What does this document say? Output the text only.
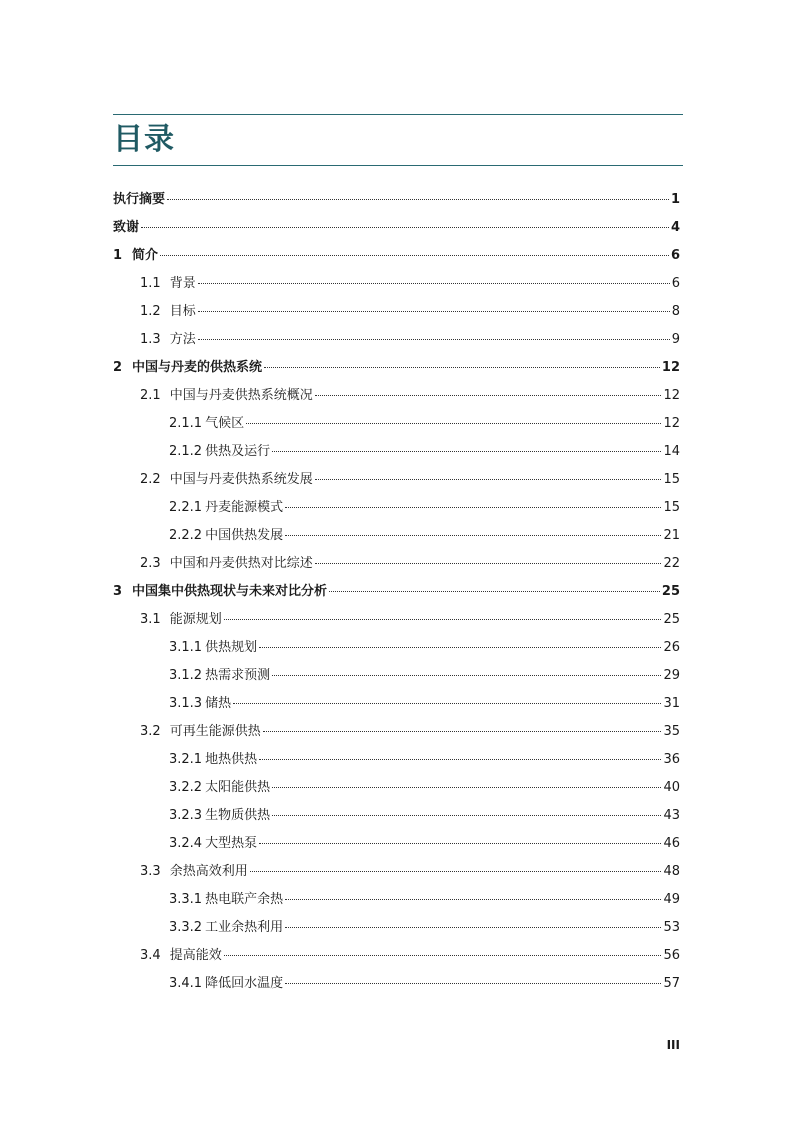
目录
执行摘要	1
致谢	4
1 简介	6
1.1 背景	6
1.2 目标	8
1.3 方法	9
2 中国与丹麦的供热系统	12
2.1 中国与丹麦供热系统概况	12
2.1.1 气候区	12
2.1.2 供热及运行	14
2.2 中国与丹麦供热系统发展	15
2.2.1 丹麦能源模式	15
2.2.2 中国供热发展	21
2.3 中国和丹麦供热对比综述	22
3 中国集中供热现状与未来对比分析	25
3.1 能源规划	25
3.1.1 供热规划	26
3.1.2 热需求预测	29
3.1.3 储热	31
3.2 可再生能源供热	35
3.2.1 地热供热	36
3.2.2 太阳能供热	40
3.2.3 生物质供热	43
3.2.4 大型热泵	46
3.3 余热高效利用	48
3.3.1 热电联产余热	49
3.3.2 工业余热利用	53
3.4 提高能效	56
3.4.1 降低回水温度	57
III
